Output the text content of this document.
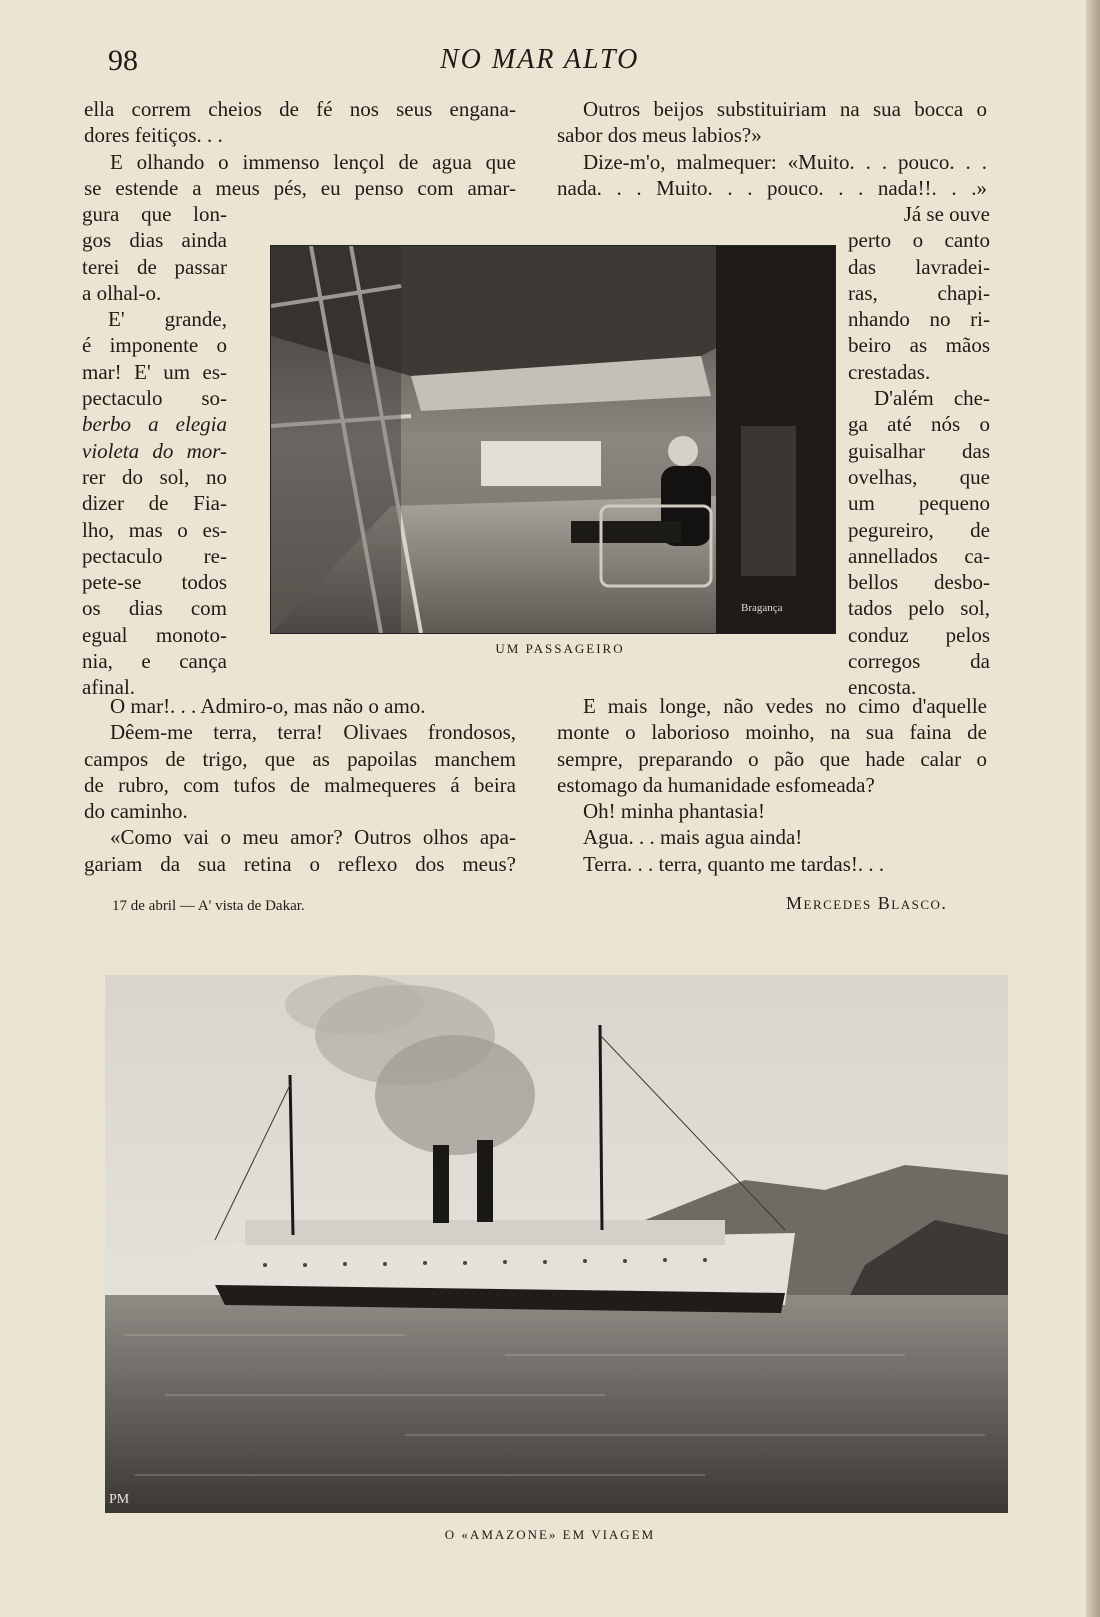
98	NO MAR ALTO

ella correm cheios de fé nos seus engana-

dores feitiços. . .

E olhando o immenso lençol de agua que

se estende a meus pés, eu penso com amar-

gura que lon-

gos dias ainda

terei de passar

a olhal-o.

E' grande,

é imponente o

mar! E' um es-

pectaculo so-

berbo a elegia

violeta do mor-

rer do sol, no

dizer de Fia-

lho, mas o es-

pectaculo re-

pete-se todos

os dias com

egual monoto-

nia, e cança

afinal.

O mar!. . . Admiro-o, mas não o amo.

Dêem-me terra, terra! Olivaes frondosos,

campos de trigo, que as papoilas manchem

de rubro, com tufos de malmequeres á beira

do caminho.

«Como vai o meu amor? Outros olhos apa-

gariam da sua retina o reflexo dos meus?

Outros beijos substituiriam na sua bocca o

sabor dos meus labios?»

Dize-m'o, malmequer: «Muito. . . pouco. . .

nada. . . Muito. . . pouco. . . nada!!. . .»

Já se ouve

perto o canto

das lavradei-

ras, chapi-

nhando no ri-

beiro as mãos

crestadas.

D'além che-

ga até nós o

guisalhar das

ovelhas, que

um pequeno

pegureiro, de

annellados ca-

bellos desbo-

tados pelo sol,

conduz pelos

corregos da

encosta.

E mais longe, não vedes no cimo d'aquelle

monte o laborioso moinho, na sua faina de

sempre, preparando o pão que hade calar o

estomago da humanidade esfomeada?

Oh! minha phantasia!

Agua. . . mais agua ainda!

Terra. . . terra, quanto me tardas!. . .

Bragança
UM PASSAGEIRO
17 de abril — A' vista de Dakar.	Mercedes Blasco.
PM
O «AMAZONE» EM VIAGEM
